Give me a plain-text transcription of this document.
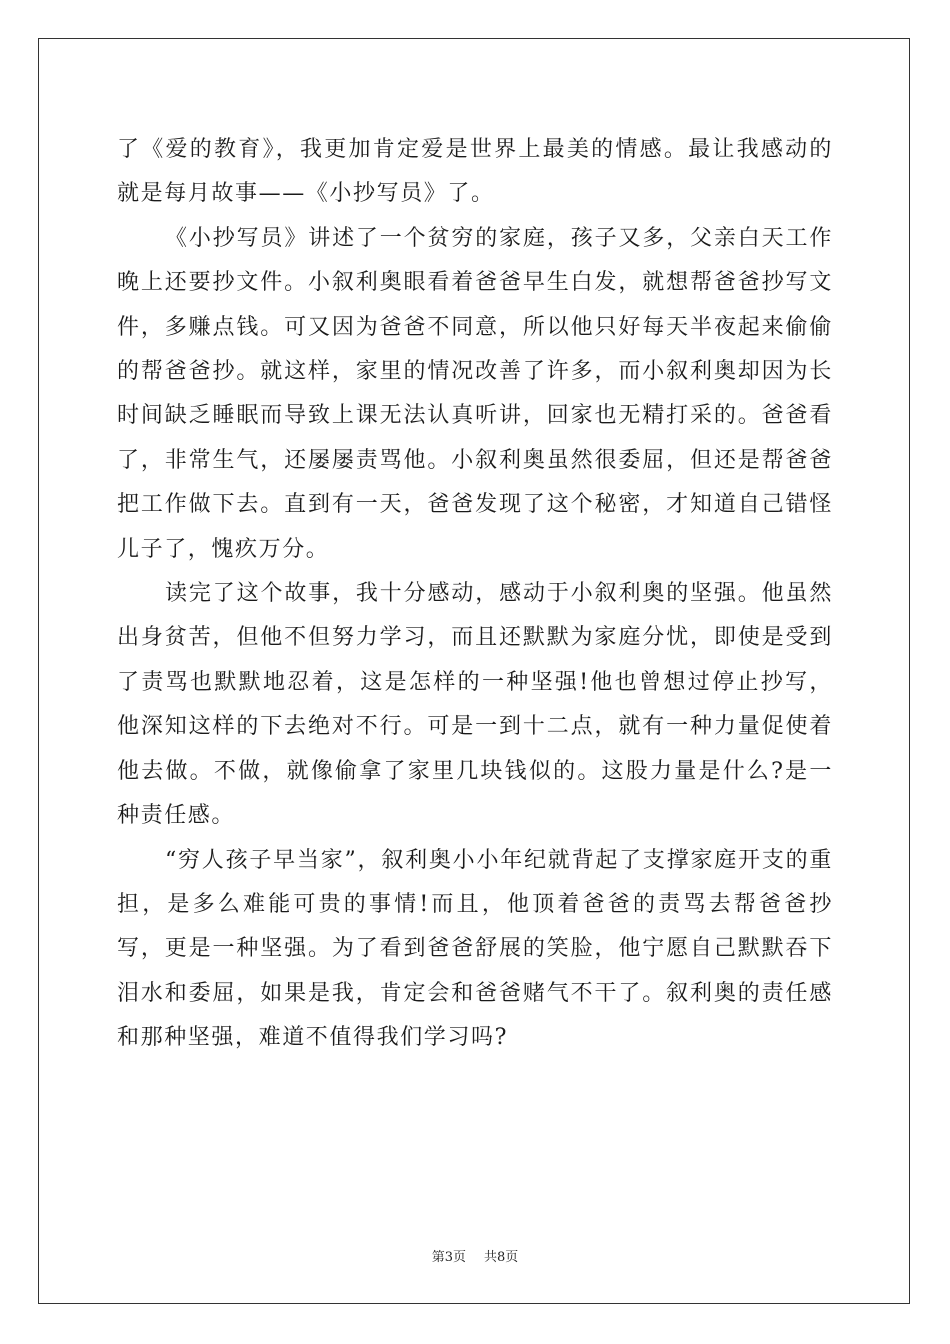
了《爱的教育》，我更加肯定爱是世界上最美的情感。最让我感动的就是每月故事——《小抄写员》了。

《小抄写员》讲述了一个贫穷的家庭，孩子又多，父亲白天工作晚上还要抄文件。小叙利奥眼看着爸爸早生白发，就想帮爸爸抄写文件，多赚点钱。可又因为爸爸不同意，所以他只好每天半夜起来偷偷的帮爸爸抄。就这样，家里的情况改善了许多，而小叙利奥却因为长时间缺乏睡眠而导致上课无法认真听讲，回家也无精打采的。爸爸看了，非常生气，还屡屡责骂他。小叙利奥虽然很委屈，但还是帮爸爸把工作做下去。直到有一天，爸爸发现了这个秘密，才知道自己错怪儿子了，愧疚万分。

读完了这个故事，我十分感动，感动于小叙利奥的坚强。他虽然出身贫苦，但他不但努力学习，而且还默默为家庭分忧，即使是受到了责骂也默默地忍着，这是怎样的一种坚强!他也曾想过停止抄写，他深知这样的下去绝对不行。可是一到十二点，就有一种力量促使着他去做。不做，就像偷拿了家里几块钱似的。这股力量是什么?是一种责任感。

“穷人孩子早当家”，叙利奥小小年纪就背起了支撑家庭开支的重担，是多么难能可贵的事情!而且，他顶着爸爸的责骂去帮爸爸抄写，更是一种坚强。为了看到爸爸舒展的笑脸，他宁愿自己默默吞下泪水和委屈，如果是我，肯定会和爸爸赌气不干了。叙利奥的责任感和那种坚强，难道不值得我们学习吗?

第3页 共8页
